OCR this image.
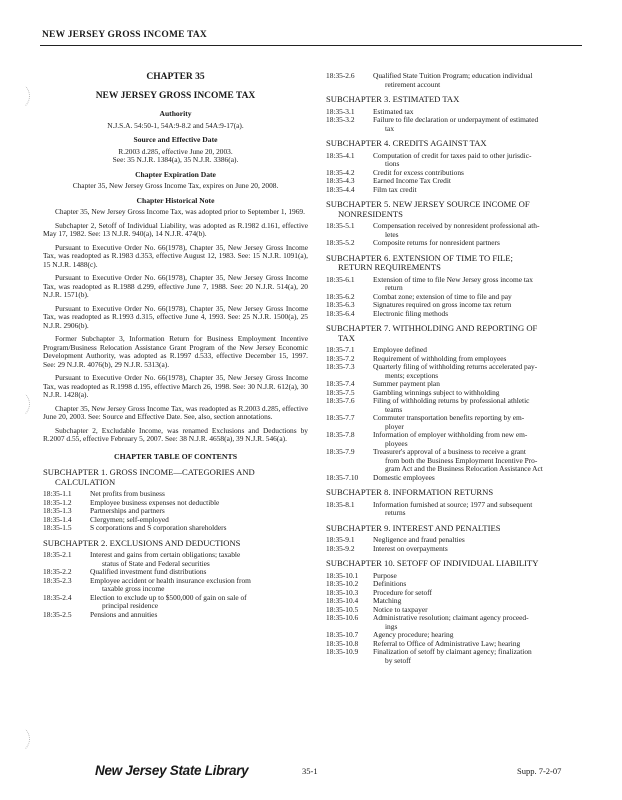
NEW JERSEY GROSS INCOME TAX
CHAPTER 35
NEW JERSEY GROSS INCOME TAX
Authority

N.J.S.A. 54:50-1, 54A:9-8.2 and 54A:9-17(a).

Source and Effective Date
R.2003 d.285, effective June 20, 2003.

See: 35 N.J.R. 1384(a), 35 N.J.R. 3386(a).

Chapter Expiration Date

Chapter 35, New Jersey Gross Income Tax, expires on June 20, 2008.

Chapter Historical Note

Chapter 35, New Jersey Gross Income Tax, was adopted prior to September 1, 1969.

Subchapter 2, Setoff of Individual Liability, was adopted as R.1982 d.161, effective May 17, 1982. See: 13 N.J.R. 940(a), 14 N.J.R. 474(b).

Pursuant to Executive Order No. 66(1978), Chapter 35, New Jersey Gross Income Tax, was readopted as R.1983 d.353, effective August 12, 1983. See: 15 N.J.R. 1091(a), 15 N.J.R. 1488(c).

Pursuant to Executive Order No. 66(1978), Chapter 35, New Jersey Gross Income Tax, was readopted as R.1988 d.299, effective June 7, 1988. See: 20 N.J.R. 514(a), 20 N.J.R. 1571(b).

Pursuant to Executive Order No. 66(1978), Chapter 35, New Jersey Gross Income Tax, was readopted as R.1993 d.315, effective June 4, 1993. See: 25 N.J.R. 1500(a), 25 N.J.R. 2906(b).

Former Subchapter 3, Information Return for Business Employment Incentive Program/Business Relocation Assistance Grant Program of the New Jersey Economic Development Authority, was adopted as R.1997 d.533, effective December 15, 1997. See: 29 N.J.R. 4076(b), 29 N.J.R. 5313(a).

Pursuant to Executive Order No. 66(1978), Chapter 35, New Jersey Gross Income Tax, was readopted as R.1998 d.195, effective March 26, 1998. See: 30 N.J.R. 612(a), 30 N.J.R. 1428(a).

Chapter 35, New Jersey Gross Income Tax, was readopted as R.2003 d.285, effective June 20, 2003. See: Source and Effective Date. See, also, section annotations.

Subchapter 2, Excludable Income, was renamed Exclusions and Deductions by R.2007 d.55, effective February 5, 2007. See: 38 N.J.R. 4658(a), 39 N.J.R. 546(a).

CHAPTER TABLE OF CONTENTS
SUBCHAPTER 1. GROSS INCOME—CATEGORIES AND
CALCULATION
18:35-1.1	Net profits from business
18:35-1.2	Employee business expenses not deductible
18:35-1.3	Partnerships and partners
18:35-1.4	Clergymen; self-employed
18:35-1.5	S corporations and S corporation shareholders
SUBCHAPTER 2. EXCLUSIONS AND DEDUCTIONS
18:35-2.1	Interest and gains from certain obligations; taxable
status of State and Federal securities
18:35-2.2	Qualified investment fund distributions
18:35-2.3	Employee accident or health insurance exclusion from
taxable gross income
18:35-2.4	Election to exclude up to $500,000 of gain on sale of
principal residence
18:35-2.5	Pensions and annuities
18:35-2.6	Qualified State Tuition Program; education individual
retirement account
SUBCHAPTER 3. ESTIMATED TAX
18:35-3.1	Estimated tax
18:35-3.2	Failure to file declaration or underpayment of estimated
tax
SUBCHAPTER 4. CREDITS AGAINST TAX
18:35-4.1	Computation of credit for taxes paid to other jurisdic-
tions
18:35-4.2	Credit for excess contributions
18:35-4.3	Earned Income Tax Credit
18:35-4.4	Film tax credit
SUBCHAPTER 5. NEW JERSEY SOURCE INCOME OF
NONRESIDENTS
18:35-5.1	Compensation received by nonresident professional ath-
letes
18:35-5.2	Composite returns for nonresident partners
SUBCHAPTER 6. EXTENSION OF TIME TO FILE;
RETURN REQUIREMENTS
18:35-6.1	Extension of time to file New Jersey gross income tax
return
18:35-6.2	Combat zone; extension of time to file and pay
18:35-6.3	Signatures required on gross income tax return
18:35-6.4	Electronic filing methods
SUBCHAPTER 7. WITHHOLDING AND REPORTING OF
TAX
18:35-7.1	Employee defined
18:35-7.2	Requirement of withholding from employees
18:35-7.3	Quarterly filing of withholding returns accelerated pay-
ments; exceptions
18:35-7.4	Summer payment plan
18:35-7.5	Gambling winnings subject to withholding
18:35-7.6	Filing of withholding returns by professional athletic
teams
18:35-7.7	Commuter transportation benefits reporting by em-
ployer
18:35-7.8	Information of employer withholding from new em-
ployees
18:35-7.9	Treasurer's approval of a business to receive a grant
from both the Business Employment Incentive Pro-
gram Act and the Business Relocation Assistance Act
18:35-7.10	Domestic employees
SUBCHAPTER 8. INFORMATION RETURNS
18:35-8.1	Information furnished at source; 1977 and subsequent
returns
SUBCHAPTER 9. INTEREST AND PENALTIES
18:35-9.1	Negligence and fraud penalties
18:35-9.2	Interest on overpayments
SUBCHAPTER 10. SETOFF OF INDIVIDUAL LIABILITY
18:35-10.1	Purpose
18:35-10.2	Definitions
18:35-10.3	Procedure for setoff
18:35-10.4	Matching
18:35-10.5	Notice to taxpayer
18:35-10.6	Administrative resolution; claimant agency proceed-
ings
18:35-10.7	Agency procedure; hearing
18:35-10.8	Referral to Office of Administrative Law; hearing
18:35-10.9	Finalization of setoff by claimant agency; finalization
by setoff
New Jersey State Library	35-1	Supp. 7-2-07
